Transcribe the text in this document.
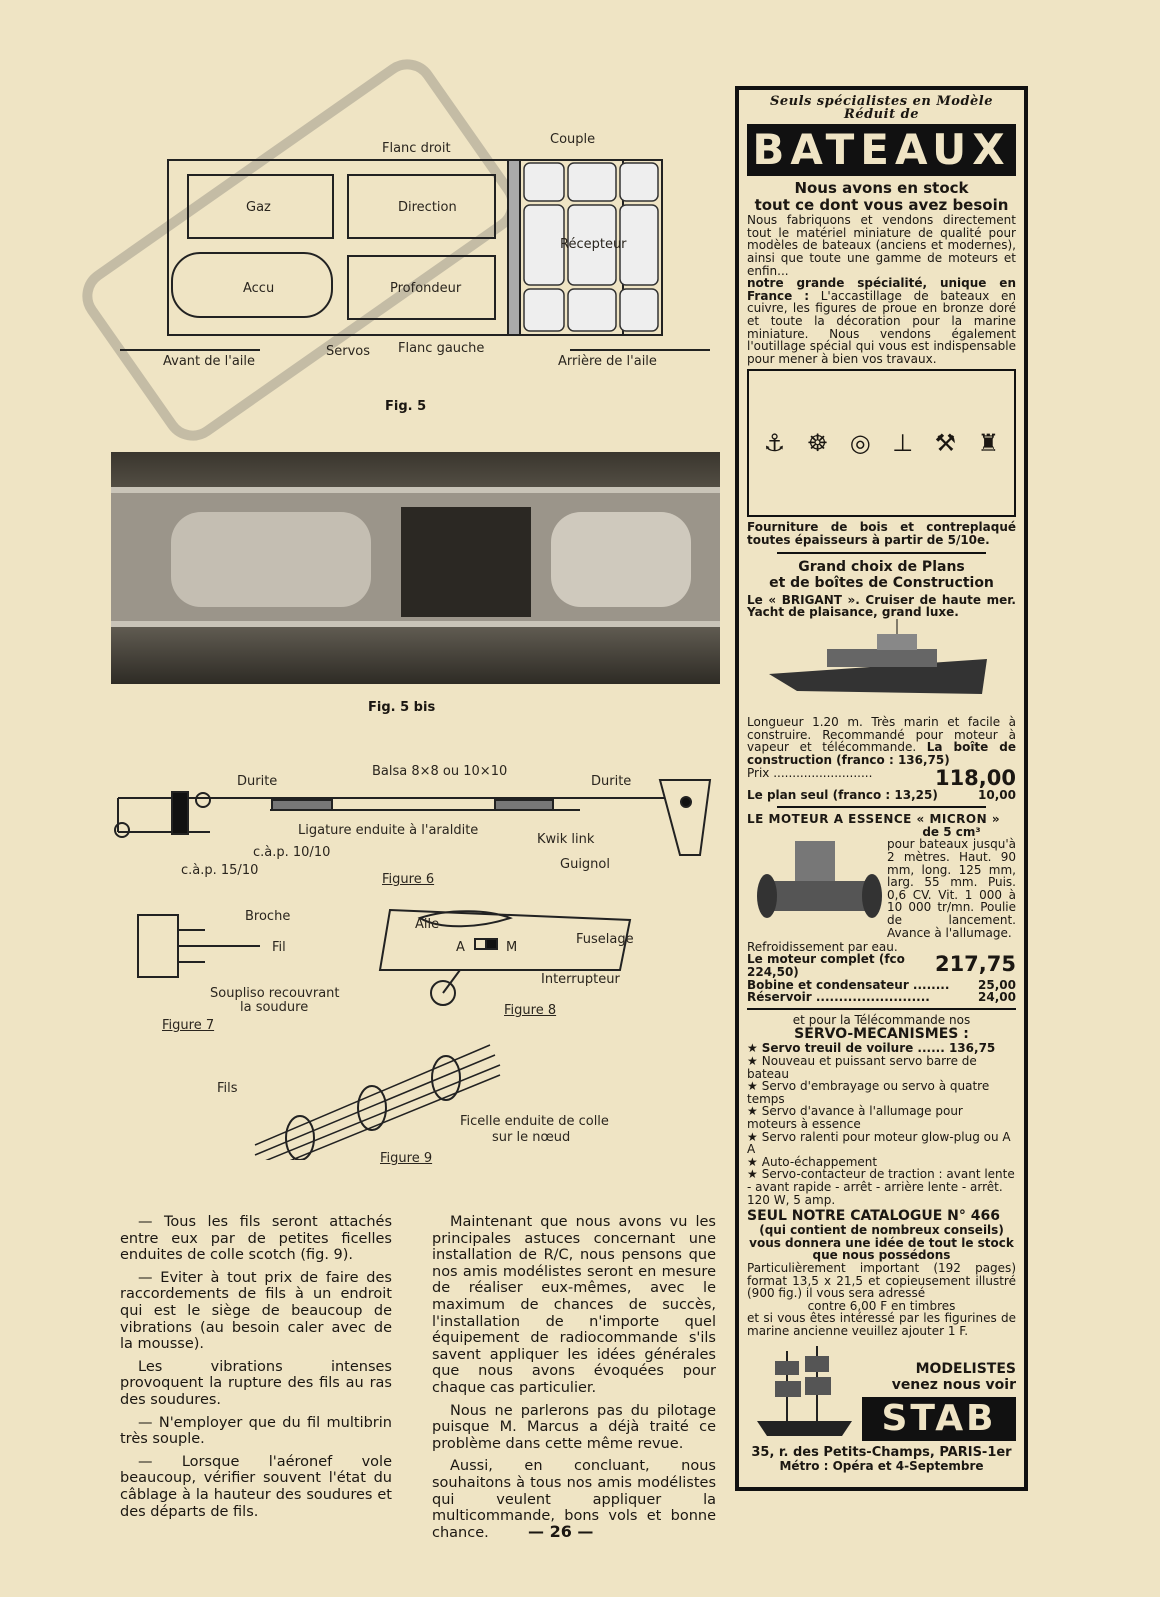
Flanc droit
Couple
Gaz	Direction
Récepteur
Accu	Profondeur
Avant de l'aile
Servos Flanc gauche
Arrière de l'aile
Fig. 5
Fig. 5 bis
Durite
Balsa 8×8 ou 10×10
Durite
Ligature enduite à l'araldite
Kwik link
c.à.p. 10/10
Guignol
c.à.p. 15/10
Figure 6
Broche
Fil
Soupliso recouvrant
la soudure
Figure 7
Aile
Fuselage
A	M
Interrupteur
Figure 8
Fils
Ficelle enduite de colle
sur le nœud
Figure 9

— Tous les fils seront attachés entre eux par de petites ficelles enduites de colle scotch (fig. 9).

— Eviter à tout prix de faire des raccordements de fils à un endroit qui est le siège de beaucoup de vibrations (au besoin caler avec de la mousse).

Les vibrations intenses provoquent la rupture des fils au ras des soudures.

— N'employer que du fil multibrin très souple.

— Lorsque l'aéronef vole beaucoup, vérifier souvent l'état du câblage à la hauteur des soudures et des départs de fils.

Maintenant que nous avons vu les principales astuces concernant une installation de R/C, nous pensons que nos amis modélistes seront en mesure de réaliser eux-mêmes, avec le maximum de chances de succès, l'installation de n'importe quel équipement de radiocommande s'ils savent appliquer les idées générales que nous avons évoquées pour chaque cas particulier.

Nous ne parlerons pas du pilotage puisque M. Marcus a déjà traité ce problème dans cette même revue.

Aussi, en concluant, nous souhaitons à tous nos amis modélistes qui veulent appliquer la multicommande, bons vols et bonne chance.	— 26 —
Seuls spécialistes en Modèle Réduit de
BATEAUX
Nous avons en stock
tout ce dont vous avez besoin
Nous fabriquons et vendons directement tout le matériel miniature de qualité pour modèles de bateaux (anciens et modernes), ainsi que toute une gamme de moteurs et enfin...
notre grande spécialité, unique en France : L'accastillage de bateaux en cuivre, les figures de proue en bronze doré et toute la décoration pour la marine miniature. Nous vendons également l'outillage spécial qui vous est indispensable pour mener à bien vos travaux.
⚓ ☸ ◎ ⊥ ⚒ ♜
Fourniture de bois et contreplaqué toutes épaisseurs à partir de 5/10e.
Grand choix de Plans
et de boîtes de Construction
Le « BRIGANT ». Cruiser de haute mer. Yacht de plaisance, grand luxe.
Longueur 1.20 m. Très marin et facile à construire. Recommandé pour moteur à vapeur et télécommande. La boîte de construction (franco : 136,75)
Prix ..........................	118,00
Le plan seul (franco : 13,25)	10,00
LE MOTEUR A ESSENCE « MICRON »
de 5 cm³
pour bateaux jusqu'à 2 mètres. Haut. 90 mm, long. 125 mm, larg. 55 mm. Puis. 0,6 CV. Vit. 1 000 à 10 000 tr/mn. Poulie de lancement. Avance à l'allumage.
Refroidissement par eau.
Le moteur complet (fco 224,50)	217,75
Bobine et condensateur ........ 25,00
Réservoir .........................	24,00
et pour la Télécommande nos
SERVO-MECANISMES :
★ Servo treuil de voilure ...... 136,75
★ Nouveau et puissant servo barre de bateau
★ Servo d'embrayage ou servo à quatre temps
★ Servo d'avance à l'allumage pour moteurs à essence
★ Servo ralenti pour moteur glow-plug ou A A
★ Auto-échappement
★ Servo-contacteur de traction : avant lente - avant rapide - arrêt - arrière lente - arrêt. 120 W, 5 amp.
SEUL NOTRE CATALOGUE N° 466
(qui contient de nombreux conseils) vous donnera une idée de tout le stock que nous possédons
Particulièrement important (192 pages) format 13,5 x 21,5 et copieusement illustré (900 fig.) il vous sera adressé
contre 6,00 F en timbres
et si vous êtes intéressé par les figurines de marine ancienne veuillez ajouter 1 F.
MODELISTES
venez nous voir
STAB
35, r. des Petits-Champs, PARIS-1er
Métro : Opéra et 4-Septembre
